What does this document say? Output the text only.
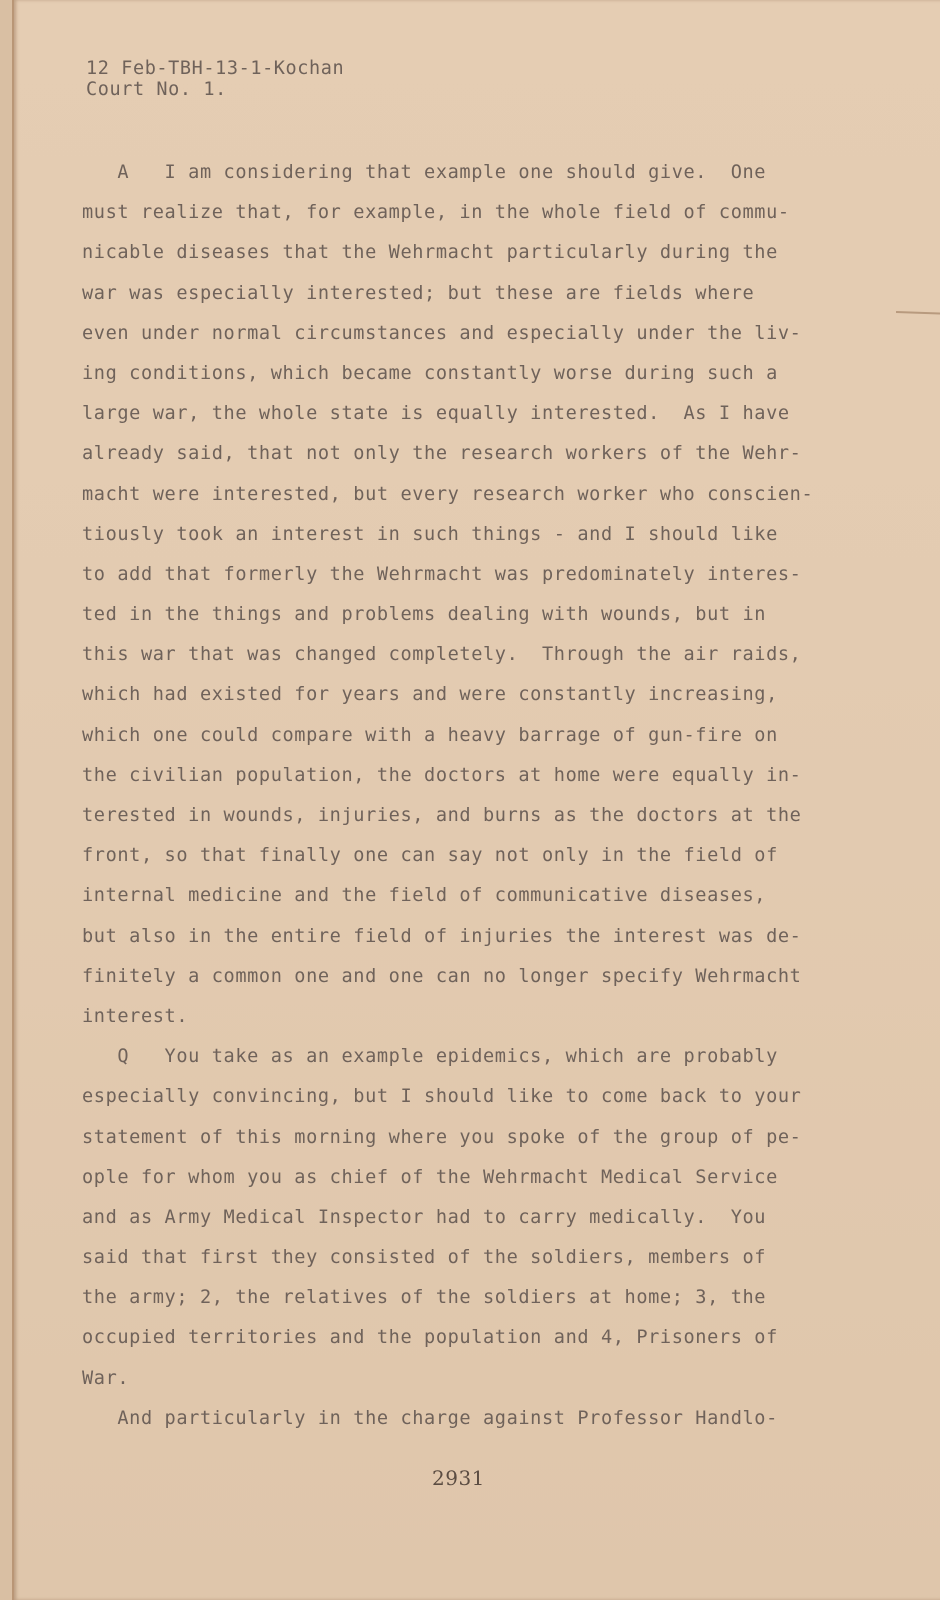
12 Feb-TBH-13-1-Kochan
Court No. 1.
A   I am considering that example one should give.  One
must realize that, for example, in the whole field of commu-
nicable diseases that the Wehrmacht particularly during the
war was especially interested; but these are fields where
even under normal circumstances and especially under the liv-
ing conditions, which became constantly worse during such a
large war, the whole state is equally interested.  As I have
already said, that not only the research workers of the Wehr-
macht were interested, but every research worker who conscien-
tiously took an interest in such things - and I should like
to add that formerly the Wehrmacht was predominately interes-
ted in the things and problems dealing with wounds, but in
this war that was changed completely.  Through the air raids,
which had existed for years and were constantly increasing,
which one could compare with a heavy barrage of gun-fire on
the civilian population, the doctors at home were equally in-
terested in wounds, injuries, and burns as the doctors at the
front, so that finally one can say not only in the field of
internal medicine and the field of communicative diseases,
but also in the entire field of injuries the interest was de-
finitely a common one and one can no longer specify Wehrmacht
interest.
Q   You take as an example epidemics, which are probably
especially convincing, but I should like to come back to your
statement of this morning where you spoke of the group of pe-
ople for whom you as chief of the Wehrmacht Medical Service
and as Army Medical Inspector had to carry medically.  You
said that first they consisted of the soldiers, members of
the army; 2, the relatives of the soldiers at home; 3, the
occupied territories and the population and 4, Prisoners of
War.
And particularly in the charge against Professor Handlo-
2931
